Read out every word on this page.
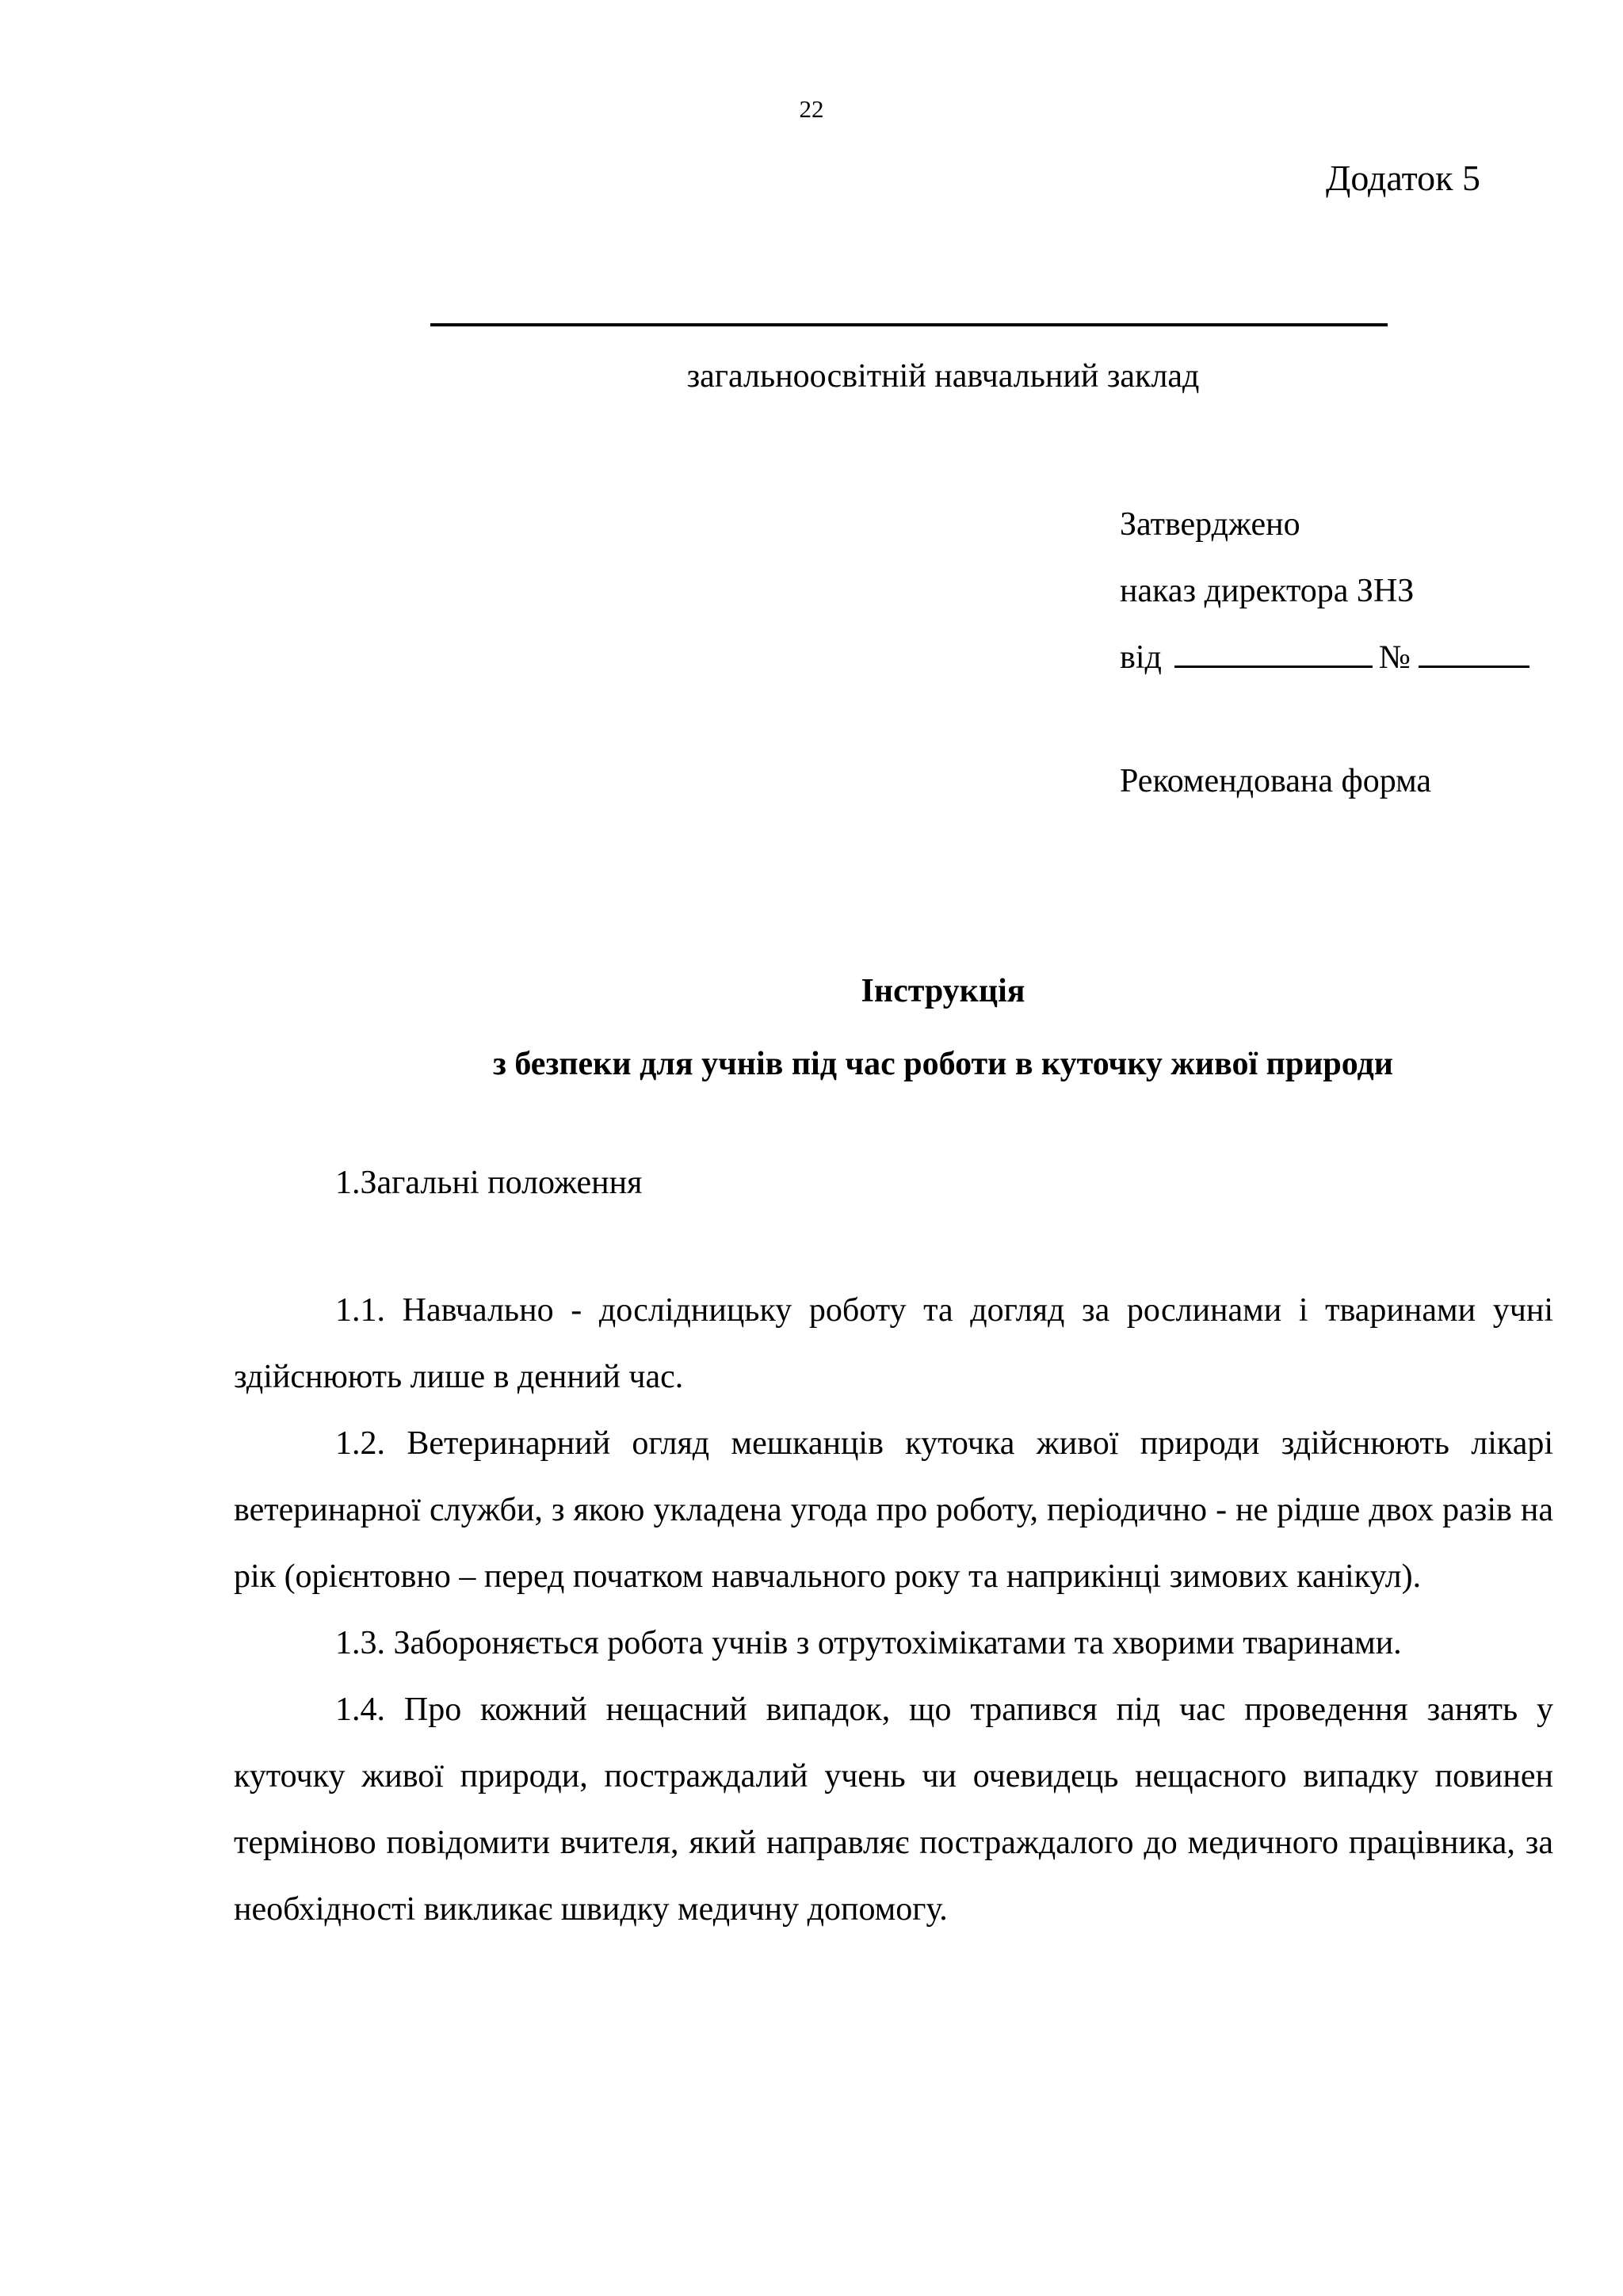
22
Додаток 5
загальноосвітній навчальний заклад
Затверджено
наказ директора ЗНЗ
від	№
Рекомендована форма
Інструкція
з безпеки для учнів під час роботи в куточку живої природи
1.Загальні положення

1.1. Навчально - дослідницьку роботу та догляд за рослинами і тваринами учні здійснюють лише в денний час.

1.2. Ветеринарний огляд мешканців куточка живої природи здійснюють лікарі ветеринарної служби, з якою укладена угода про роботу, періодично - не рідше двох разів на рік (орієнтовно – перед початком навчального року та наприкінці зимових канікул).

1.3. Забороняється робота учнів з отрутохімікатами та хворими тваринами.

1.4. Про кожний нещасний випадок, що трапився під час проведення занять у куточку живої природи, постраждалий учень чи очевидець нещасного випадку повинен терміново повідомити вчителя, який направляє постраждалого до медичного працівника, за необхідності викликає швидку медичну допомогу.
